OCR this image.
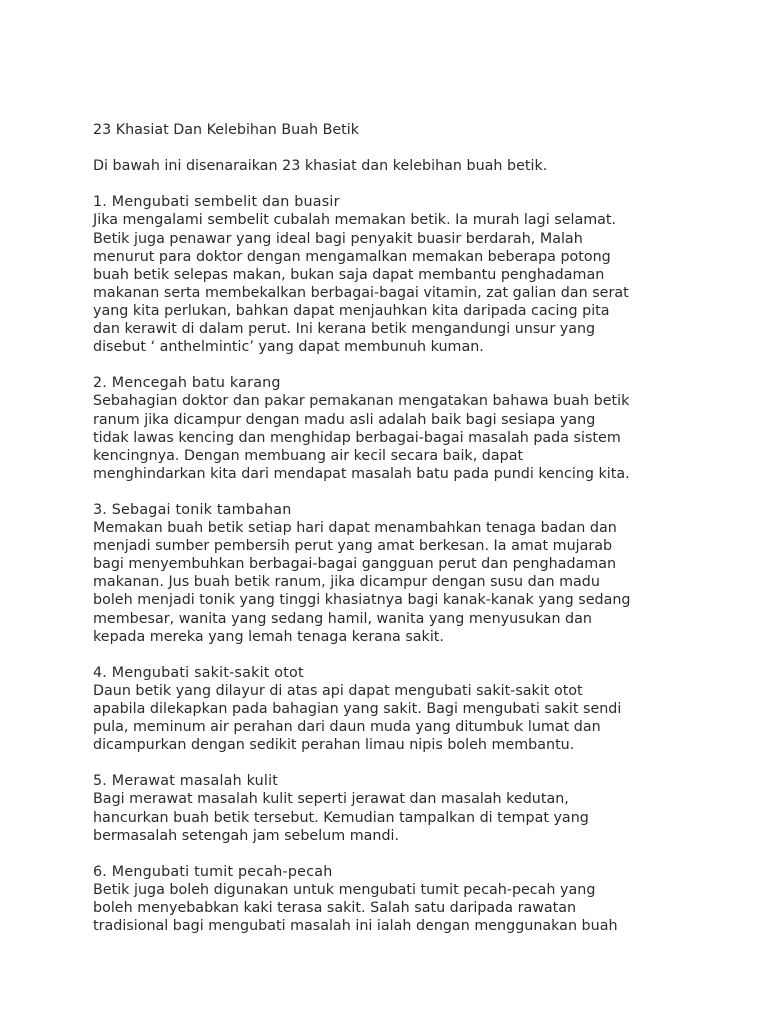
23 Khasiat Dan Kelebihan Buah Betik

Di bawah ini disenaraikan 23 khasiat dan kelebihan buah betik.

1. Mengubati sembelit dan buasir
Jika mengalami sembelit cubalah memakan betik. Ia murah lagi selamat.
Betik juga penawar yang ideal bagi penyakit buasir berdarah, Malah
menurut para doktor dengan mengamalkan memakan beberapa potong
buah betik selepas makan, bukan saja dapat membantu penghadaman
makanan serta membekalkan berbagai-bagai vitamin, zat galian dan serat
yang kita perlukan, bahkan dapat menjauhkan kita daripada cacing pita
dan kerawit di dalam perut. Ini kerana betik mengandungi unsur yang
disebut ‘ anthelmintic’ yang dapat membunuh kuman.
2. Mencegah batu karang
Sebahagian doktor dan pakar pemakanan mengatakan bahawa buah betik
ranum jika dicampur dengan madu asli adalah baik bagi sesiapa yang
tidak lawas kencing dan menghidap berbagai-bagai masalah pada sistem
kencingnya. Dengan membuang air kecil secara baik, dapat
menghindarkan kita dari mendapat masalah batu pada pundi kencing kita.
3. Sebagai tonik tambahan
Memakan buah betik setiap hari dapat menambahkan tenaga badan dan
menjadi sumber pembersih perut yang amat berkesan. Ia amat mujarab
bagi menyembuhkan berbagai-bagai gangguan perut dan penghadaman
makanan. Jus buah betik ranum, jika dicampur dengan susu dan madu
boleh menjadi tonik yang tinggi khasiatnya bagi kanak-kanak yang sedang
membesar, wanita yang sedang hamil, wanita yang menyusukan dan
kepada mereka yang lemah tenaga kerana sakit.
4. Mengubati sakit-sakit otot
Daun betik yang dilayur di atas api dapat mengubati sakit-sakit otot
apabila dilekapkan pada bahagian yang sakit. Bagi mengubati sakit sendi
pula, meminum air perahan dari daun muda yang ditumbuk lumat dan
dicampurkan dengan sedikit perahan limau nipis boleh membantu.
5. Merawat masalah kulit
Bagi merawat masalah kulit seperti jerawat dan masalah kedutan,
hancurkan buah betik tersebut. Kemudian tampalkan di tempat yang
bermasalah setengah jam sebelum mandi.
6. Mengubati tumit pecah-pecah
Betik juga boleh digunakan untuk mengubati tumit pecah-pecah yang
boleh menyebabkan kaki terasa sakit. Salah satu daripada rawatan
tradisional bagi mengubati masalah ini ialah dengan menggunakan buah
